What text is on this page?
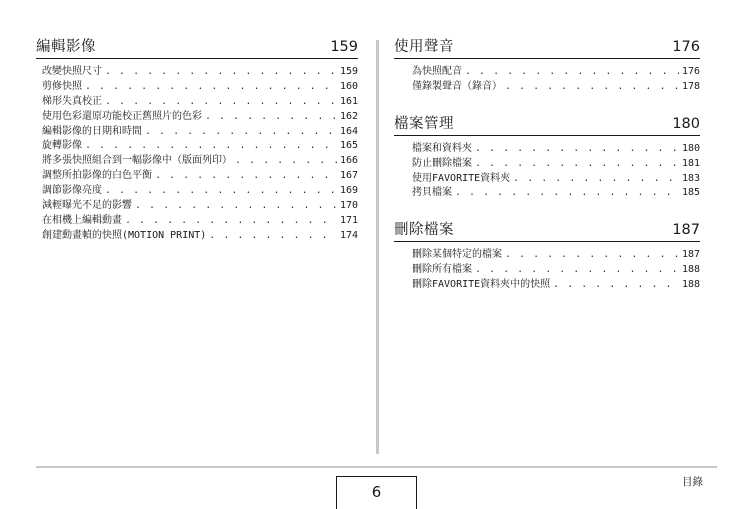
編輯影像	159
改變快照尺寸 . . .	159
剪修快照 . . .	160
梯形失真校正 . . .	161
使用色彩還原功能校正舊照片的色彩 . . .	162
編輯影像的日期和時間 . . .	164
旋轉影像 . . .	165
將多張快照組合到一幅影像中（版面列印） . . .	166
調整所拍影像的白色平衡 . . .	167
調節影像亮度 . . .	169
減輕曝光不足的影響 . . .	170
在相機上編輯動畫 . . .	171
創建動畫幀的快照(MOTION PRINT) . . .	174
使用聲音	176
為快照配音 . . .	176
僅錄製聲音（錄音） . . .	178
檔案管理	180
檔案和資料夾 . . .	180
防止刪除檔案 . . .	181
使用FAVORITE資料夾 . . .	183
拷貝檔案 . . .	185
刪除檔案	187
刪除某個特定的檔案 . . .	187
刪除所有檔案 . . .	188
刪除FAVORITE資料夾中的快照 . . .	188
6
目錄
